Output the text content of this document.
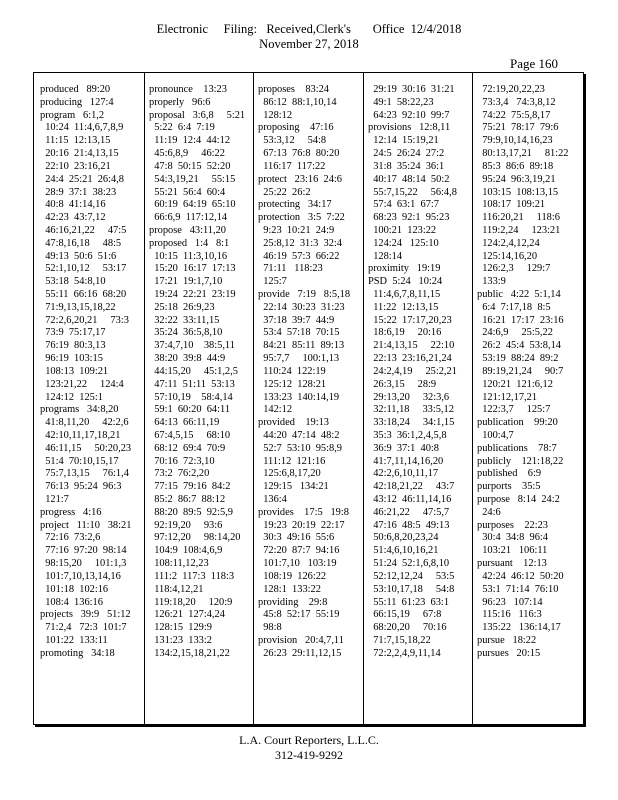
Electronic     Filing:   Received,Clerk's       Office  12/4/2018
November 27, 2018
Page 160
produced   89:20
producing   127:4
program   6:1,2
10:24  11:4,6,7,8,9
11:15  12:13,15
20:16  21:4,13,15
22:10  23:16,21
24:4  25:21  26:4,8
28:9  37:1  38:23
40:8  41:14,16
42:23  43:7,12
46:16,21,22     47:5
47:8,16,18     48:5
49:13  50:6  51:6
52:1,10,12     53:17
53:18  54:8,10
55:11  66:16  68:20
71:9,13,15,18,22
72:2,6,20,21     73:3
73:9  75:17,17
76:19  80:3,13
96:19  103:15
108:13  109:21
123:21,22     124:4
124:12  125:1
programs   34:8,20
41:8,11,20     42:2,6
42:10,11,17,18,21
46:11,15     50:20,23
51:4  70:10,15,17
75:7,13,15     76:1,4
76:13  95:24  96:3
121:7
progress   4:16
project   11:10   38:21
72:16  73:2,6
77:16  97:20  98:14
98:15,20     101:1,3
101:7,10,13,14,16
101:18  102:16
108:4  136:16
projects   39:9   51:12
71:2,4   72:3  101:7
101:22  133:11
promoting   34:18
pronounce    13:23
properly   96:6
proposal   3:6,8     5:21
5:22  6:4  7:19
11:19  12:4  44:12
45:6,8,9     46:22
47:8  50:15  52:20
54:3,19,21     55:15
55:21  56:4  60:4
60:19  64:19  65:10
66:6,9  117:12,14
propose   43:11,20
proposed   1:4   8:1
10:15  11:3,10,16
15:20  16:17  17:13
17:21  19:1,7,10
19:24  22:21  23:19
25:18  26:9,23
32:22  33:11,15
35:24  36:5,8,10
37:4,7,10    38:5,11
38:20  39:8  44:9
44:15,20     45:1,2,5
47:11  51:11  53:13
57:10,19    58:4,14
59:1  60:20  64:11
64:13  66:11,19
67:4,5,15     68:10
68:12  69:4  70:9
70:16  72:3,10
73:2  76:2,20
77:15  79:16  84:2
85:2  86:7  88:12
88:20  89:5  92:5,9
92:19,20     93:6
97:12,20     98:14,20
104:9  108:4,6,9
108:11,12,23
111:2  117:3  118:3
118:4,12,21
119:18,20     120:9
126:21  127:4,24
128:15  129:9
131:23  133:2
134:2,15,18,21,22
proposes    83:24
86:12  88:1,10,14
128:12
proposing    47:16
53:3,12     54:8
67:13  76:8  80:20
116:17  117:22
protect   23:16  24:6
25:22  26:2
protecting   34:17
protection   3:5  7:22
9:23  10:21  24:9
25:8,12  31:3  32:4
46:19  57:3  66:22
71:11   118:23
125:7
provide   7:19   8:5,18
22:14  30:23  31:23
37:18  39:7  44:9
53:4  57:18  70:15
84:21  85:11  89:13
95:7,7     100:1,13
110:24  122:19
125:12  128:21
133:23  140:14,19
142:12
provided    19:13
44:20  47:14  48:2
52:7  53:10  95:8,9
111:12  121:16
125:6,8,17,20
129:15   134:21
136:4
provides    17:5   19:8
19:23  20:19  22:17
30:3  49:16  55:6
72:20  87:7  94:16
101:7,10   103:19
108:19  126:22
128:1  133:22
providing    29:8
45:8  52:17  55:19
98:8
provision   20:4,7,11
26:23  29:11,12,15
29:19  30:16  31:21
49:1  58:22,23
64:23  92:10  99:7
provisions   12:8,11
12:14  15:19,21
24:5  26:24  27:2
31:8  35:24  36:1
40:17  48:14  50:2
55:7,15,22     56:4,8
57:4  63:1  67:7
68:23  92:1  95:23
100:21  123:22
124:24   125:10
128:14
proximity   19:19
PSD  5:24   10:24
11:4,6,7,8,11,15
11:22  12:13,15
15:22  17:17,20,23
18:6,19     20:16
21:4,13,15     22:10
22:13  23:16,21,24
24:2,4,19     25:2,21
26:3,15     28:9
29:13,20     32:3,6
32:11,18     33:5,12
33:18,24     34:1,15
35:3  36:1,2,4,5,8
36:9  37:1  40:8
41:7,11,14,16,20
42:2,6,10,11,17
42:18,21,22     43:7
43:12  46:11,14,16
46:21,22     47:5,7
47:16  48:5  49:13
50:6,8,20,23,24
51:4,6,10,16,21
51:24  52:1,6,8,10
52:12,12,24     53:5
53:10,17,18     54:8
55:11  61:23  63:1
66:15,19     67:8
68:20,20     70:16
71:7,15,18,22
72:2,2,4,9,11,14
72:19,20,22,23
73:3,4   74:3,8,12
74:22  75:5,8,17
75:21  78:17  79:6
79:9,10,14,16,23
80:13,17,21     81:22
85:3  86:6  89:18
95:24  96:3,19,21
103:15  108:13,15
108:17  109:21
116:20,21     118:6
119:2,24     123:21
124:2,4,12,24
125:14,16,20
126:2,3     129:7
133:9
public   4:22  5:1,14
6:4  7:17,18  8:5
16:21  17:17  23:16
24:6,9     25:5,22
26:2  45:4  53:8,14
53:19  88:24  89:2
89:19,21,24     90:7
120:21  121:6,12
121:12,17,21
122:3,7     125:7
publication    99:20
100:4,7
publications    78:7
publicly    121:18,22
published    6:9
purports    35:5
purpose   8:14  24:2
24:6
purposes    22:23
30:4  34:8  96:4
103:21   106:11
pursuant    12:13
42:24  46:12  50:20
53:1  71:14  76:10
96:23   107:14
115:16   116:3
135:22   136:14,17
pursue   18:22
pursues   20:15
L.A. Court Reporters, L.L.C.
312-419-9292
